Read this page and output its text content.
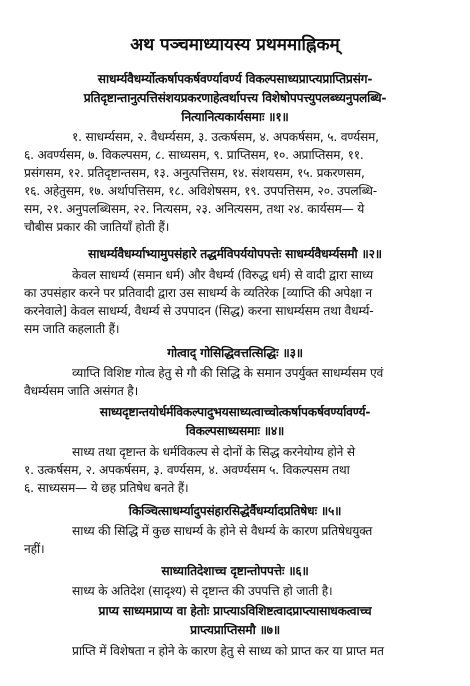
अथ पञ्चमाध्यायस्य प्रथममाह्निकम्
साधर्म्यवैधर्म्योत्कर्षापकर्षवर्ण्यावर्ण्य विकल्पसाध्यप्राप्त्यप्राप्तिप्रसंग-
प्रतिदृष्टान्तानुत्पत्तिसंशयप्रकरणाहेत्वर्थापत्त्य विशेषोपपत्त्युपलब्ध्यनुपलब्धि-
नित्यानित्यकार्यसमाः ॥१॥
१. साधर्म्यसम, २. वैधर्म्यसम, ३. उत्कर्षसम, ४. अपकर्षसम, ५. वर्ण्यसम,
६. अवर्ण्यसम, ७. विकल्पसम, ८. साध्यसम, ९. प्राप्तिसम, १०. अप्राप्तिसम, ११.
प्रसंगसम, १२. प्रतिदृष्टान्तसम, १३. अनुत्पत्तिसम, १४. संशयसम, १५. प्रकरणसम,
१६. अहेतुसम, १७. अर्थापत्तिसम, १८. अविशेषसम, १९. उपपत्तिसम, २०. उपलब्धि-
सम, २१. अनुपलब्धिसम, २२. नित्यसम, २३. अनित्यसम, तथा २४. कार्यसम— ये
चौबीस प्रकार की जातियाँ होती हैं।
साधर्म्यवैधर्म्याभ्यामुपसंहारे तद्धर्मविपर्ययोपपत्तेः साधर्म्यवैधर्म्यसमौ ॥२॥
केवल साधर्म्य (समान धर्म) और वैधर्म्य (विरुद्ध धर्म) से वादी द्वारा साध्य
का उपसंहार करने पर प्रतिवादी द्वारा उस साधर्म्य के व्यतिरेक [व्याप्ति की अपेक्षा न
करनेवाले] केवल साधर्म्य, वैधर्म्य से उपपादन (सिद्ध) करना साधर्म्यसम तथा वैधर्म्य-
सम जाति कहलाती हैं।
गोत्वाद् गोसिद्धिवत्तत्सिद्धिः ॥३॥
व्याप्ति विशिष्ट गोत्व हेतु से गौ की सिद्धि के समान उपर्युक्त साधर्म्यसम एवं
वैधर्म्यसम जाति असंगत है।
साध्यदृष्टान्तयोर्धर्मविकल्पादुभयसाध्यत्वाच्चोत्कर्षापकर्षवर्ण्यावर्ण्य-
विकल्पसाध्यसमाः ॥४॥
साध्य तथा दृष्टान्त के धर्मविकल्प से दोनों के सिद्ध करनेयोग्य होने से
१. उत्कर्षसम, २. अपकर्षसम, ३. वर्ण्यसम, ४. अवर्ण्यसम ५. विकल्पसम तथा
६. साध्यसम— ये छह प्रतिषेध बनते हैं।
किञ्चित्साधर्म्यादुपसंहारसिद्धेर्वैधर्म्यादप्रतिषेधः ॥५॥
साध्य की सिद्धि में कुछ साधर्म्य के होने से वैधर्म्य के कारण प्रतिषेधयुक्त
नहीं।
साध्यातिदेशाच्च दृष्टान्तोपपत्तेः ॥६॥
साध्य के अतिदेश (सादृश्य) से दृष्टान्त की उपपत्ति हो जाती है।
प्राप्य साध्यमप्राप्य वा हेतोः प्राप्त्याऽविशिष्टत्वादप्राप्त्यासाधकत्वाच्च
प्राप्त्यप्राप्तिसमौ ॥७॥
प्राप्ति में विशेषता न होने के कारण हेतु से साध्य को प्राप्त कर या प्राप्त मत
